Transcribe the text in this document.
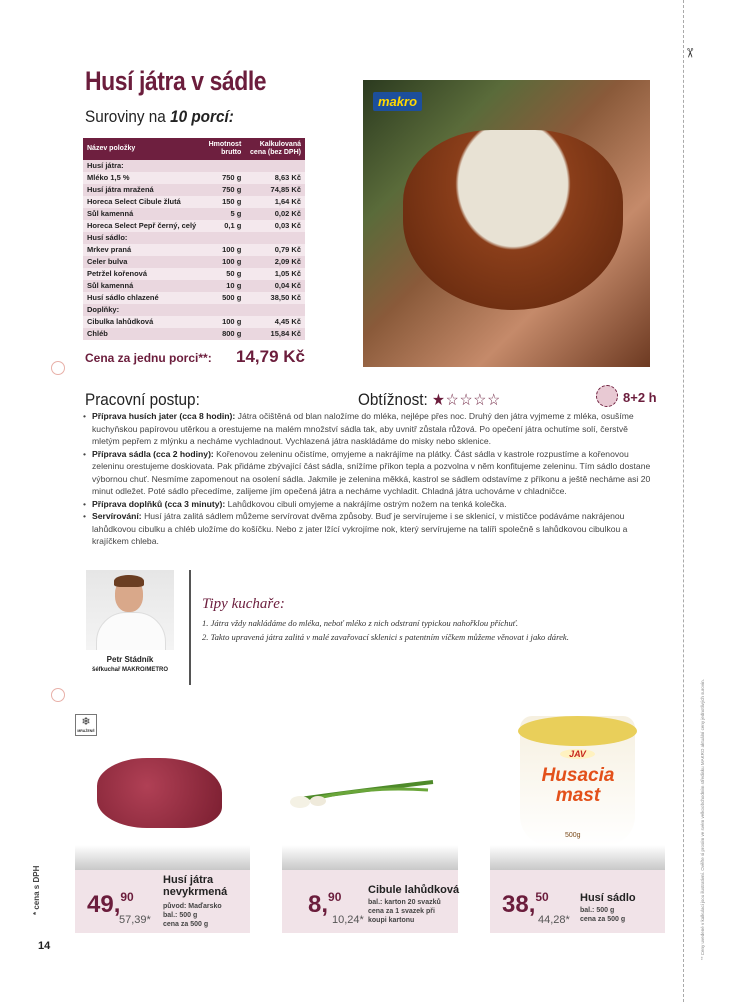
✂
** Ceny uvedené v kalkulaci jsou ilustrativní. Ověřte si prosím ve svém velkoobchodním středisku MAKRO aktuální ceny jednotlivých surovin.
Husí játra v sádle
Suroviny na 10 porcí:
Název položky	Hmotnost brutto	Kalkulovaná cena (bez DPH)
Husí játra:		
Mléko 1,5 %	750 g	8,63 Kč
Husí játra mražená	750 g	74,85 Kč
Horeca Select Cibule žlutá	150 g	1,64 Kč
Sůl kamenná	5 g	0,02 Kč
Horeca Select Pepř černý, celý	0,1 g	0,03 Kč
Husí sádlo:		
Mrkev praná	100 g	0,79 Kč
Celer bulva	100 g	2,09 Kč
Petržel kořenová	50 g	1,05 Kč
Sůl kamenná	10 g	0,04 Kč
Husí sádlo chlazené	500 g	38,50 Kč
Doplňky:		
Cibulka lahůdková	100 g	4,45 Kč
Chléb	800 g	15,84 Kč
Cena za jednu porci**: 14,79 Kč
makro
Pracovní postup:	Obtížnost: ★☆☆☆☆	8+2 h
• Příprava husích jater (cca 8 hodin): Játra očištěná od blan naložíme do mléka, nejlépe přes noc. Druhý den játra vyjmeme z mléka, osušíme kuchyňskou papírovou utěrkou a orestujeme na malém množství sádla tak, aby uvnitř zůstala růžová. Po opečení játra ochutíme solí, čerstvě mletým pepřem z mlýnku a necháme vychladnout. Vychlazená játra naskládáme do misky nebo sklenice.
• Příprava sádla (cca 2 hodiny): Kořenovou zeleninu očistíme, omyjeme a nakrájíme na plátky. Část sádla v kastrole rozpustíme a kořenovou zeleninu orestujeme doskiovata. Pak přidáme zbývající část sádla, snížíme příkon tepla a pozvolna v něm konfitujeme zeleninu. Tím sádlo dostane výbornou chuť. Nesmíme zapomenout na osolení sádla. Jakmile je zelenina měkká, kastrol se sádlem odstavíme z příkonu a ještě necháme asi 20 minut odležet. Poté sádlo přecedíme, zalijeme jím opečená játra a necháme vychladit. Chladná játra uchováme v chladničce.
• Příprava doplňků (cca 3 minuty): Lahůdkovou cibuli omyjeme a nakrájíme ostrým nožem na tenká kolečka.
• Servírování: Husí játra zalitá sádlem můžeme servírovat dvěma způsoby. Buď je servírujeme i se sklenicí, v mističce podáváme nakrájenou lahůdkovou cibulku a chléb uložíme do košíčku. Nebo z jater lžící vykrojíme nok, který servírujeme na talíři společně s lahůdkovou cibulkou a krajíčkem chleba.
Petr Stádník
šéfkuchař MAKRO/METRO
Tipy kuchaře:
1. Játra vždy nakládáme do mléka, neboť mléko z nich odstraní typickou nahořklou příchuť.
2. Takto upravená játra zalitá v malé zavařovací sklenici s patentním víčkem můžeme věnovat i jako dárek.
❄
MRAŽENÉ
JAV
Husacia mast
500g
49,90
57,39*
Husí játra nevykrmená
původ: Maďarsko
bal.: 500 g
cena za 500 g
8,90
10,24*
Cibule lahůdková
bal.: karton 20 svazků
cena za 1 svazek při
koupi kartonu
38,50
44,28*
Husí sádlo
bal.: 500 g
cena za 500 g
* cena s DPH
14
